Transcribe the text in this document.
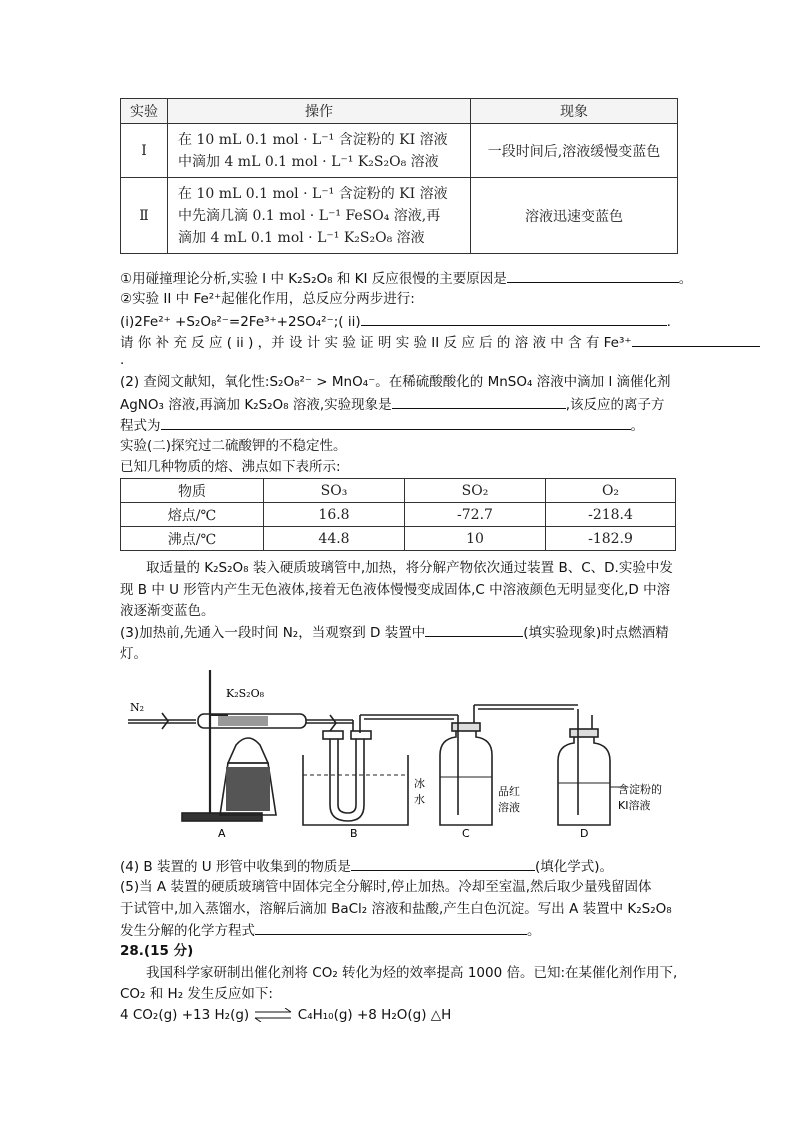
实验	操作	现象
Ⅰ	在 10 mL 0.1 mol · L⁻¹ 含淀粉的 KI 溶液
中滴加 4 mL 0.1 mol · L⁻¹ K₂S₂O₈ 溶液	一段时间后,溶液缓慢变蓝色
Ⅱ	在 10 mL 0.1 mol · L⁻¹ 含淀粉的 KI 溶液
中先滴几滴 0.1 mol · L⁻¹ FeSO₄ 溶液,再
滴加 4 mL 0.1 mol · L⁻¹ K₂S₂O₈ 溶液	溶液迅速变蓝色
①用碰撞理论分析,实验 I 中 K₂S₂O₈ 和 KI 反应很慢的主要原因是	。
②实验 II 中 Fe²⁺起催化作用，总反应分两步进行:
(i)2Fe²⁺ +S₂O₈²⁻=2Fe³⁺+2SO₄²⁻;( ii)	.
请 你 补 充 反 应 ( ii ) ，并 设 计 实 验 证 明 实 验 II 反 应 后 的 溶 液 中 含 有 Fe³⁺
.
(2) 查阅文献知，氧化性:S₂O₈²⁻ > MnO₄⁻。在稀硫酸酸化的 MnSO₄ 溶液中滴加 l 滴催化剂
AgNO₃ 溶液,再滴加 K₂S₂O₈ 溶液,实验现象是	,该反应的离子方
程式为	。
实验(二)探究过二硫酸钾的不稳定性。
已知几种物质的熔、沸点如下表所示:
物质	SO₃	SO₂	O₂
熔点/℃	16.8	-72.7	-218.4
沸点/℃	44.8	10	-182.9
取适量的 K₂S₂O₈ 装入硬质玻璃管中,加热，将分解产物依次通过装置 B、C、D.实验中发
现 B 中 U 形管内产生无色液体,接着无色液体慢慢变成固体,C 中溶液颜色无明显变化,D 中溶
液逐渐变蓝色。
(3)加热前,先通入一段时间 N₂，当观察到 D 装置中	(填实验现象)时点燃酒精
灯。
N₂
K₂S₂O₈
冰
水
品红
溶液
含淀粉的
KI溶液
A	B	C	D
(4) B 装置的 U 形管中收集到的物质是	(填化学式)。
(5)当 A 装置的硬质玻璃管中固体完全分解时,停止加热。冷却至室温,然后取少量残留固体
于试管中,加入蒸馏水，溶解后滴加 BaCl₂ 溶液和盐酸,产生白色沉淀。写出 A 装置中 K₂S₂O₈
发生分解的化学方程式	。
28.(15 分)
我国科学家研制出催化剂将 CO₂ 转化为烃的效率提高 1000 倍。已知:在某催化剂作用下,
CO₂ 和 H₂ 发生反应如下:
4 CO₂(g) +13 H₂(g) ⇌ C₄H₁₀(g) +8 H₂O(g) △H
